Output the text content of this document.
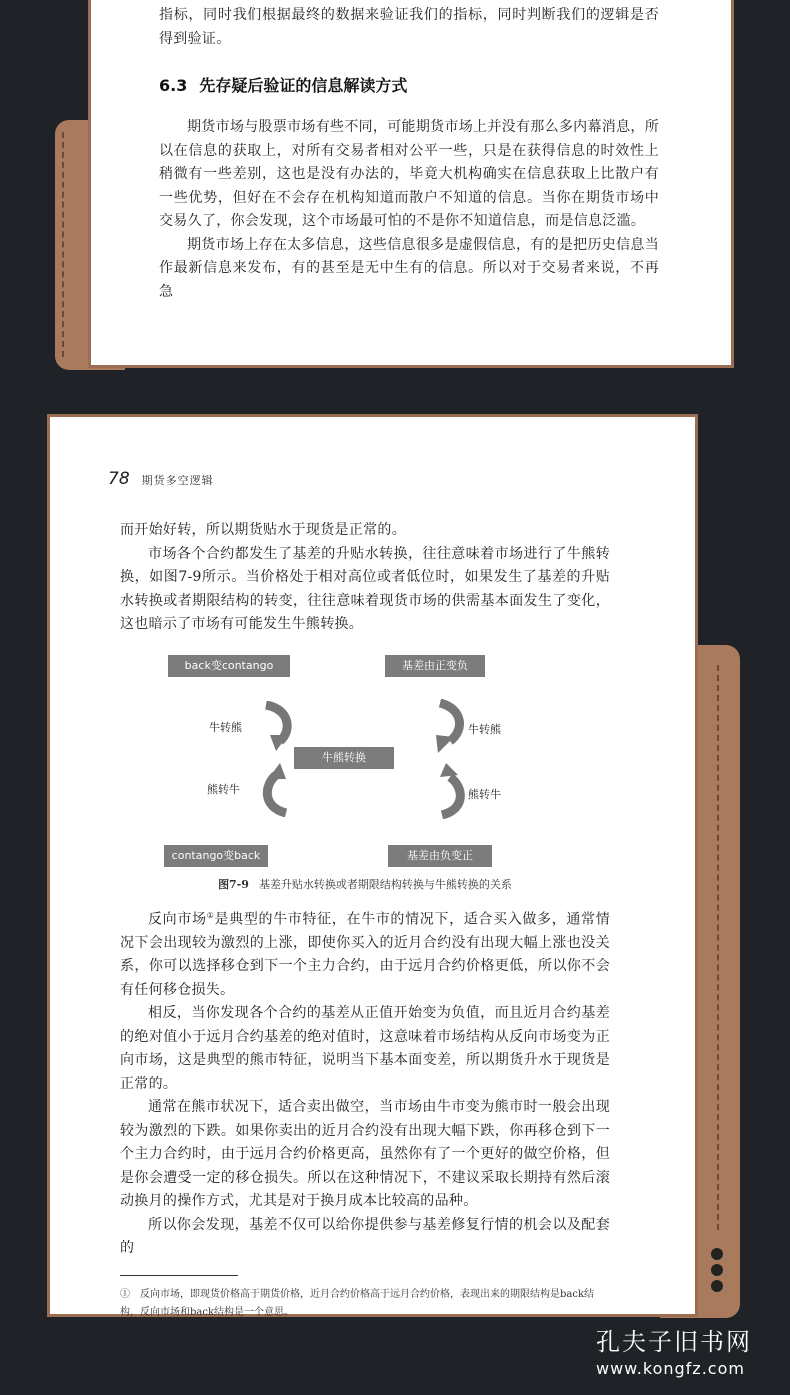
指标，同时我们根据最终的数据来验证我们的指标，同时判断我们的逻辑是否得到验证。

6.3 先存疑后验证的信息解读方式

期货市场与股票市场有些不同，可能期货市场上并没有那么多内幕消息，所以在信息的获取上，对所有交易者相对公平一些，只是在获得信息的时效性上稍微有一些差别，这也是没有办法的，毕竟大机构确实在信息获取上比散户有一些优势，但好在不会存在机构知道而散户不知道的信息。当你在期货市场中交易久了，你会发现，这个市场最可怕的不是你不知道信息，而是信息泛滥。

期货市场上存在太多信息，这些信息很多是虚假信息，有的是把历史信息当作最新信息来发布，有的甚至是无中生有的信息。所以对于交易者来说，不再急

78 期货多空逻辑

而开始好转，所以期货贴水于现货是正常的。

市场各个合约都发生了基差的升贴水转换，往往意味着市场进行了牛熊转换，如图7-9所示。当价格处于相对高位或者低位时，如果发生了基差的升贴水转换或者期限结构的转变，往往意味着现货市场的供需基本面发生了变化，这也暗示了市场有可能发生牛熊转换。

back变contango	基差由正变负
牛熊转换
contango变back	基差由负变正
牛转熊
熊转牛
牛转熊
熊转牛
图7-9 基差升贴水转换或者期限结构转换与牛熊转换的关系

反向市场①是典型的牛市特征，在牛市的情况下，适合买入做多，通常情况下会出现较为激烈的上涨，即使你买入的近月合约没有出现大幅上涨也没关系，你可以选择移仓到下一个主力合约，由于远月合约价格更低，所以你不会有任何移仓损失。

相反，当你发现各个合约的基差从正值开始变为负值，而且近月合约基差的绝对值小于远月合约基差的绝对值时，这意味着市场结构从反向市场变为正向市场，这是典型的熊市特征，说明当下基本面变差，所以期货升水于现货是正常的。

通常在熊市状况下，适合卖出做空，当市场由牛市变为熊市时一般会出现较为激烈的下跌。如果你卖出的近月合约没有出现大幅下跌，你再移仓到下一个主力合约时，由于远月合约价格更高，虽然你有了一个更好的做空价格，但是你会遭受一定的移仓损失。所以在这种情况下，不建议采取长期持有然后滚动换月的操作方式，尤其是对于换月成本比较高的品种。

所以你会发现，基差不仅可以给你提供参与基差修复行情的机会以及配套的

①　反向市场，即现货价格高于期货价格，近月合约价格高于远月合约价格，表现出来的期限结构是back结构，反向市场和back结构是一个意思。

孔夫子旧书网
www.kongfz.com
